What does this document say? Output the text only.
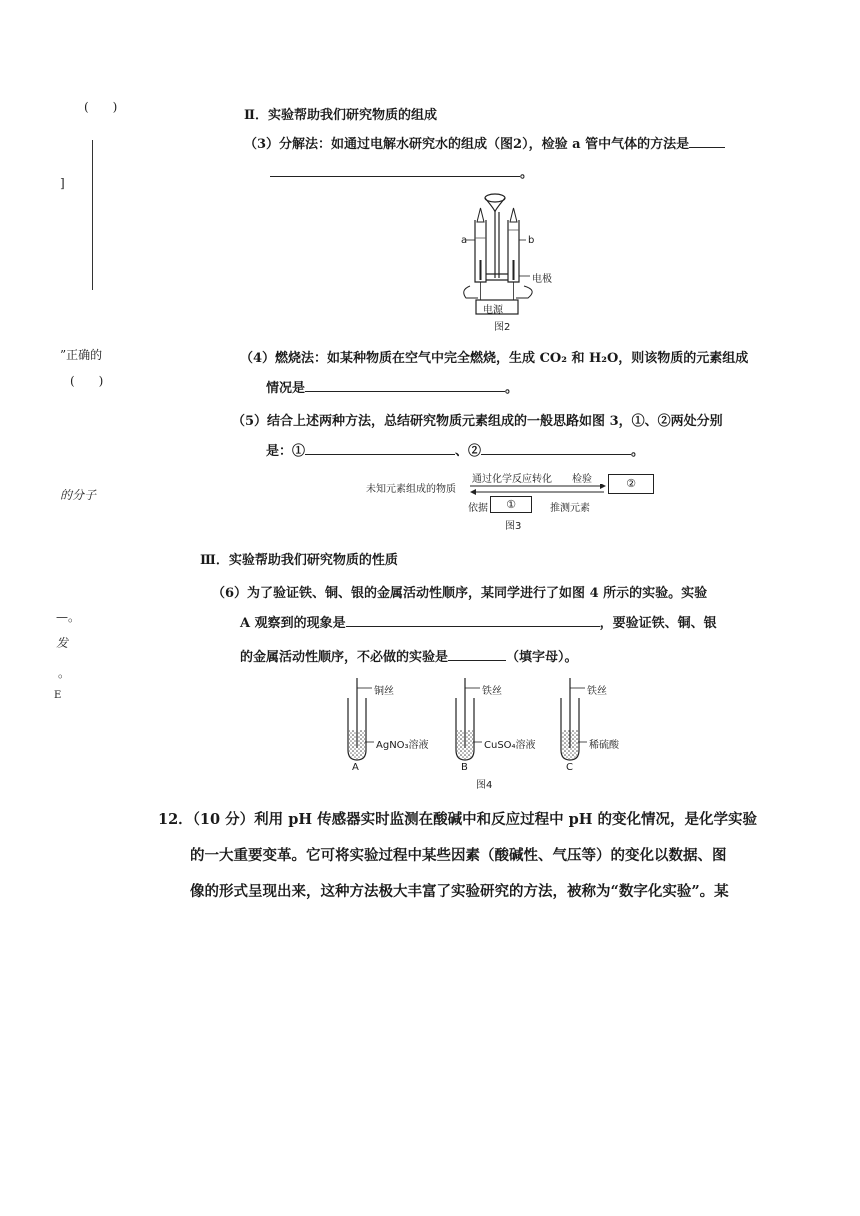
(　　)
]
”正确的
(　　)
的分子
—。
发
。
E
Ⅱ．实验帮助我们研究物质的组成
（3）分解法：如通过电解水研究水的组成（图2），检验 a 管中气体的方法是
。
a	b
电极
电源
图2
（4）燃烧法：如某种物质在空气中完全燃烧，生成 CO₂ 和 H₂O，则该物质的元素组成
情况是	。
（5）结合上述两种方法，总结研究物质元素组成的一般思路如图 3，①、②两处分别
是：①	、②	。
未知元素组成的物质
通过化学反应转化 检验	②
依据	①	推测元素
图3
Ⅲ．实验帮助我们研究物质的性质
（6）为了验证铁、铜、银的金属活动性顺序，某同学进行了如图 4 所示的实验。实验
A 观察到的现象是	，要验证铁、铜、银
的金属活动性顺序，不必做的实验是	（填字母）。
铜丝
AgNO₃溶液
A
铁丝
CuSO₄溶液
B
铁丝
稀硫酸
C
图4
12．（10 分）利用 pH 传感器实时监测在酸碱中和反应过程中 pH 的变化情况，是化学实验
的一大重要变革。它可将实验过程中某些因素（酸碱性、气压等）的变化以数据、图
像的形式呈现出来，这种方法极大丰富了实验研究的方法，被称为“数字化实验”。某
